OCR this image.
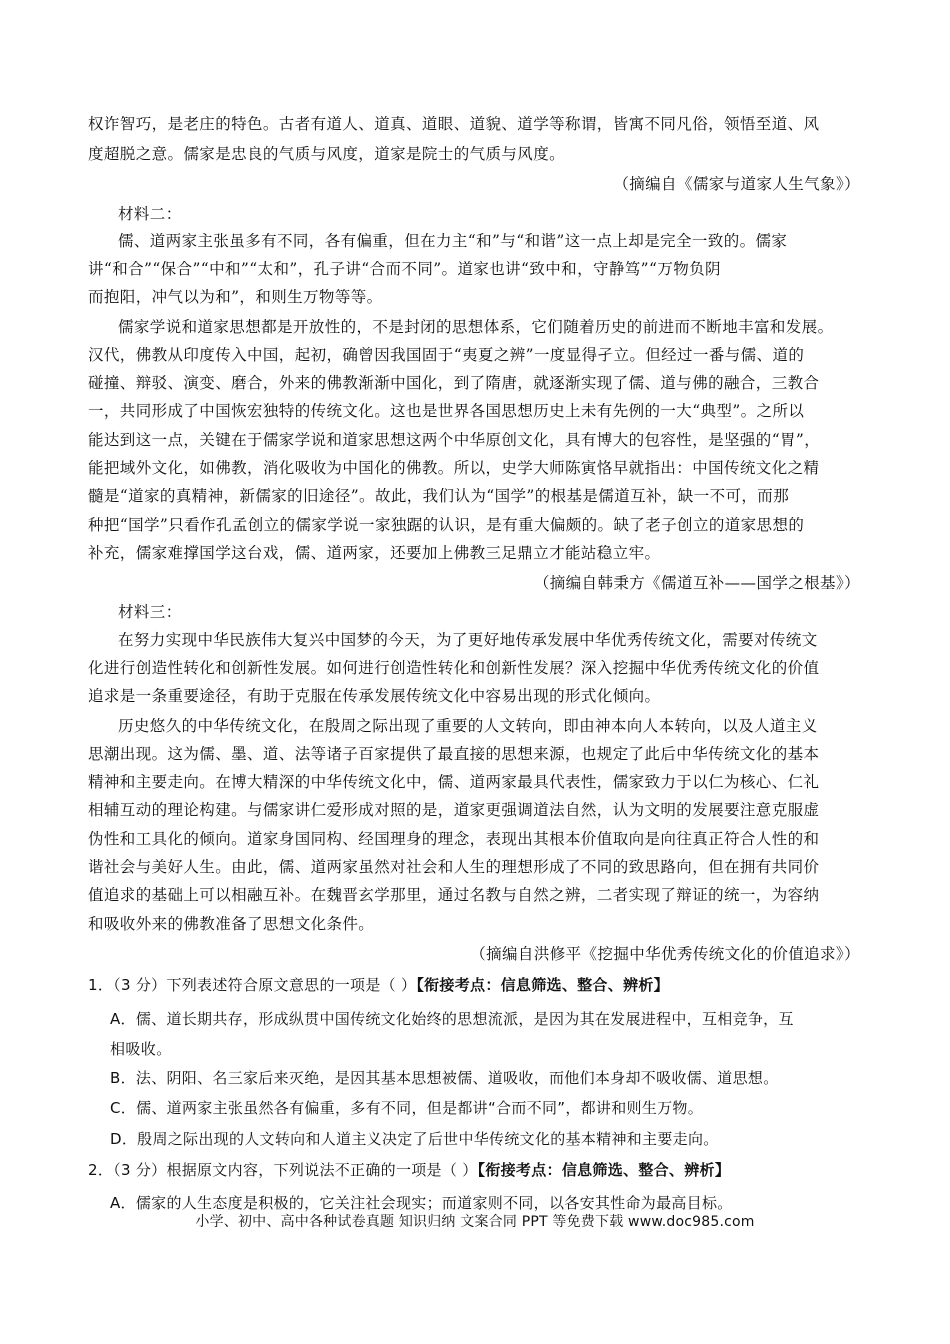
权诈智巧，是老庄的特色。古者有道人、道真、道眼、道貌、道学等称谓，皆寓不同凡俗，领悟至道、风
度超脱之意。儒家是忠良的气质与风度，道家是院士的气质与风度。
（摘编自《儒家与道家人生气象》）
材料二：
儒、道两家主张虽多有不同，各有偏重，但在力主“和”与“和谐”这一点上却是完全一致的。儒家
讲“和合”“保合”“中和”“太和”，孔子讲“合而不同”。道家也讲“致中和，守静笃”“万物负阴
而抱阳，冲气以为和”，和则生万物等等。
儒家学说和道家思想都是开放性的，不是封闭的思想体系，它们随着历史的前进而不断地丰富和发展。
汉代，佛教从印度传入中国，起初，确曾因我国固于“夷夏之辨”一度显得孑立。但经过一番与儒、道的
碰撞、辩驳、演变、磨合，外来的佛教渐渐中国化，到了隋唐，就逐渐实现了儒、道与佛的融合，三教合
一，共同形成了中国恢宏独特的传统文化。这也是世界各国思想历史上未有先例的一大“典型”。之所以
能达到这一点，关键在于儒家学说和道家思想这两个中华原创文化，具有博大的包容性，是坚强的“胃”，
能把域外文化，如佛教，消化吸收为中国化的佛教。所以，史学大师陈寅恪早就指出：中国传统文化之精
髓是“道家的真精神，新儒家的旧途径”。故此，我们认为“国学”的根基是儒道互补，缺一不可，而那
种把“国学”只看作孔孟创立的儒家学说一家独踞的认识，是有重大偏颇的。缺了老子创立的道家思想的
补充，儒家难撑国学这台戏，儒、道两家，还要加上佛教三足鼎立才能站稳立牢。
（摘编自韩秉方《儒道互补——国学之根基》）
材料三：
在努力实现中华民族伟大复兴中国梦的今天，为了更好地传承发展中华优秀传统文化，需要对传统文
化进行创造性转化和创新性发展。如何进行创造性转化和创新性发展？深入挖掘中华优秀传统文化的价值
追求是一条重要途径，有助于克服在传承发展传统文化中容易出现的形式化倾向。
历史悠久的中华传统文化，在殷周之际出现了重要的人文转向，即由神本向人本转向，以及人道主义
思潮出现。这为儒、墨、道、法等诸子百家提供了最直接的思想来源，也规定了此后中华传统文化的基本
精神和主要走向。在博大精深的中华传统文化中，儒、道两家最具代表性，儒家致力于以仁为核心、仁礼
相辅互动的理论构建。与儒家讲仁爱形成对照的是，道家更强调道法自然，认为文明的发展要注意克服虚
伪性和工具化的倾向。道家身国同构、经国理身的理念，表现出其根本价值取向是向往真正符合人性的和
谐社会与美好人生。由此，儒、道两家虽然对社会和人生的理想形成了不同的致思路向，但在拥有共同价
值追求的基础上可以相融互补。在魏晋玄学那里，通过名教与自然之辨，二者实现了辩证的统一，为容纳
和吸收外来的佛教准备了思想文化条件。
（摘编自洪修平《挖掘中华优秀传统文化的价值追求》）
1．（3 分）下列表述符合原文意思的一项是（ ）【衔接考点：信息筛选、整合、辨析】
A．儒、道长期共存，形成纵贯中国传统文化始终的思想流派，是因为其在发展进程中，互相竞争，互
相吸收。
B．法、阴阳、名三家后来灭绝，是因其基本思想被儒、道吸收，而他们本身却不吸收儒、道思想。
C．儒、道两家主张虽然各有偏重，多有不同，但是都讲“合而不同”，都讲和则生万物。
D．殷周之际出现的人文转向和人道主义决定了后世中华传统文化的基本精神和主要走向。
2．（3 分）根据原文内容，下列说法不正确的一项是（ ）【衔接考点：信息筛选、整合、辨析】
A．儒家的人生态度是积极的，它关注社会现实；而道家则不同，以各安其性命为最高目标。
小学、初中、高中各种试卷真题 知识归纳 文案合同 PPT 等免费下载 www.doc985.com
